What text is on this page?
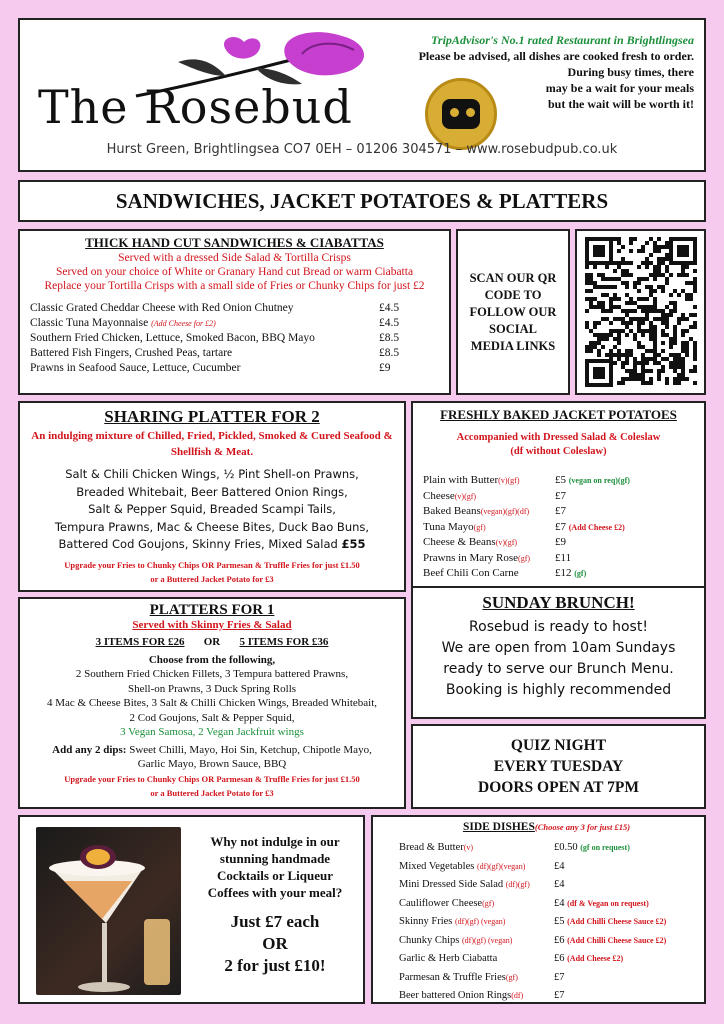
The Rosebud
TripAdvisor's No.1 rated Restaurant in Brightlingsea
Please be advised, all dishes are cooked fresh to order.
During busy times, there
may be a wait for your meals
but the wait will be worth it!
Hurst Green, Brightlingsea CO7 0EH – 01206 304571 – www.rosebudpub.co.uk
SANDWICHES, JACKET POTATOES & PLATTERS
THICK HAND CUT SANDWICHES & CIABATTAS
Served with a dressed Side Salad & Tortilla Crisps
Served on your choice of White or Granary Hand cut Bread or warm Ciabatta
Replace your Tortilla Crisps with a small side of Fries or Chunky Chips for just £2
Classic Grated Cheddar Cheese with Red Onion Chutney	£4.5
Classic Tuna Mayonnaise (Add Cheese for £2)	£4.5
Southern Fried Chicken, Lettuce, Smoked Bacon, BBQ Mayo	£8.5
Battered Fish Fingers, Crushed Peas, tartare	£8.5
Prawns in Seafood Sauce, Lettuce, Cucumber	£9
SCAN OUR QR CODE TO FOLLOW OUR SOCIAL MEDIA LINKS
SHARING PLATTER FOR 2
An indulging mixture of Chilled, Fried, Pickled, Smoked & Cured Seafood & Shellfish & Meat.
Salt & Chili Chicken Wings, ½ Pint Shell-on Prawns,
Breaded Whitebait, Beer Battered Onion Rings,
Salt & Pepper Squid, Breaded Scampi Tails,
Tempura Prawns, Mac & Cheese Bites, Duck Bao Buns,
Battered Cod Goujons, Skinny Fries, Mixed Salad £55
Upgrade your Fries to Chunky Chips OR Parmesan & Truffle Fries for just £1.50
or a Buttered Jacket Potato for £3
FRESHLY BAKED JACKET POTATOES
Accompanied with Dressed Salad & Coleslaw
(df without Coleslaw)
Plain with Butter(v)(gf)	£5 (vegan on req)(gf)
Cheese(v)(gf)	£7
Baked Beans(vegan)(gf)(df)	£7
Tuna Mayo(gf)	£7 (Add Cheese £2)
Cheese & Beans(v)(gf)	£9
Prawns in Mary Rose(gf)	£11
Beef Chili Con Carne	£12 (gf)
PLATTERS FOR 1
Served with Skinny Fries & Salad
3 ITEMS FOR £26 OR 5 ITEMS FOR £36
Choose from the following,
2 Southern Fried Chicken Fillets, 3 Tempura battered Prawns,
Shell-on Prawns, 3 Duck Spring Rolls
4 Mac & Cheese Bites, 3 Salt & Chilli Chicken Wings, Breaded Whitebait,
2 Cod Goujons, Salt & Pepper Squid,
3 Vegan Samosa, 2 Vegan Jackfruit wings
Add any 2 dips: Sweet Chilli, Mayo, Hoi Sin, Ketchup, Chipotle Mayo,
Garlic Mayo, Brown Sauce, BBQ
Upgrade your Fries to Chunky Chips OR Parmesan & Truffle Fries for just £1.50
or a Buttered Jacket Potato for £3
SUNDAY BRUNCH!
Rosebud is ready to host!
We are open from 10am Sundays
ready to serve our Brunch Menu.
Booking is highly recommended
QUIZ NIGHT
EVERY TUESDAY
DOORS OPEN AT 7PM
Why not indulge in our
stunning handmade
Cocktails or Liqueur
Coffees with your meal?
Just £7 each
OR
2 for just £10!
SIDE DISHES(Choose any 3 for just £15)
Bread & Butter(v)	£0.50 (gf on request)
Mixed Vegetables (df)(gf)(vegan)	£4
Mini Dressed Side Salad (df)(gf)	£4
Cauliflower Cheese(gf)	£4 (df & Vegan on request)
Skinny Fries (df)(gf) (vegan)	£5 (Add Chilli Cheese Sauce £2)
Chunky Chips (df)(gf) (vegan)	£6 (Add Chilli Cheese Sauce £2)
Garlic & Herb Ciabatta	£6 (Add Cheese £2)
Parmesan & Truffle Fries(gf)	£7
Beer battered Onion Rings(df)	£7
